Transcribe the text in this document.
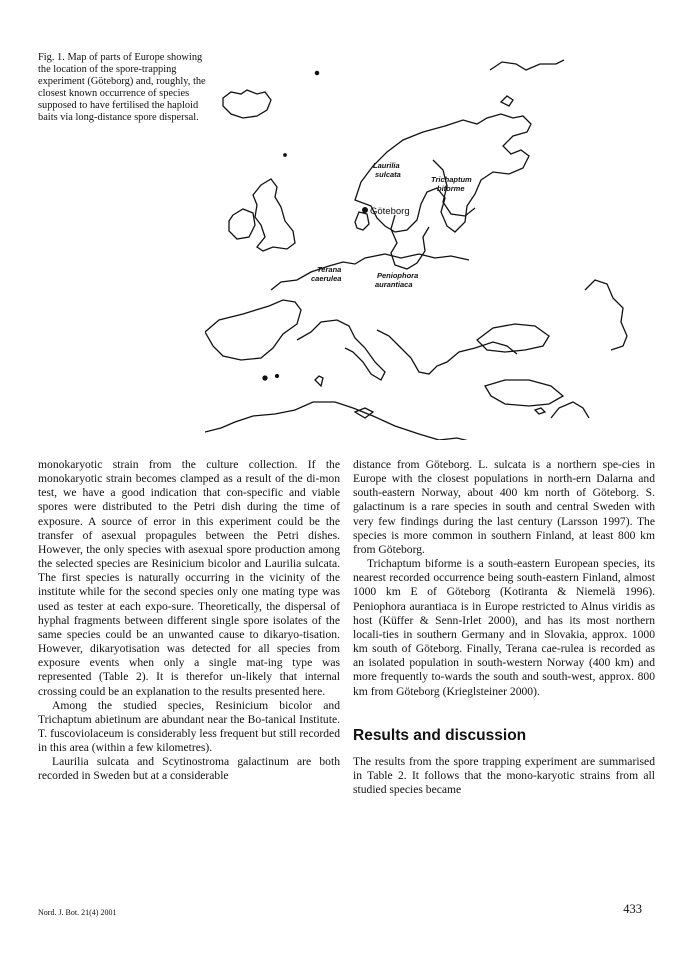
Fig. 1. Map of parts of Europe showing the location of the spore-trapping experiment (Göteborg) and, roughly, the closest known occurrence of species supposed to have fertilised the haploid baits via long-distance spore dispersal.

Laurilia
sulcata
Trichaptum
biforme
Göteborg
Terana
caerulea	Peniophora
aurantiaca

monokaryotic strain from the culture collection. If the monokaryotic strain becomes clamped as a result of the di-mon test, we have a good indication that con-specific and viable spores were distributed to the Petri dish during the time of exposure. A source of error in this experiment could be the transfer of asexual propagules between the Petri dishes. However, the only species with asexual spore production among the selected species are Resinicium bicolor and Laurilia sulcata. The first species is naturally occurring in the vicinity of the institute while for the second species only one mating type was used as tester at each expo-sure. Theoretically, the dispersal of hyphal fragments between different single spore isolates of the same species could be an unwanted cause to dikaryo-tisation. However, dikaryotisation was detected for all species from exposure events when only a single mat-ing type was represented (Table 2). It is therefor un-likely that internal crossing could be an explanation to the results presented here.

Among the studied species, Resinicium bicolor and Trichaptum abietinum are abundant near the Bo-tanical Institute. T. fuscoviolaceum is considerably less frequent but still recorded in this area (within a few kilometres).

Laurilia sulcata and Scytinostroma galactinum are both recorded in Sweden but at a considerable

distance from Göteborg. L. sulcata is a northern spe-cies in Europe with the closest populations in north-ern Dalarna and south-eastern Norway, about 400 km north of Göteborg. S. galactinum is a rare species in south and central Sweden with very few findings during the last century (Larsson 1997). The species is more common in southern Finland, at least 800 km from Göteborg.

Trichaptum biforme is a south-eastern European species, its nearest recorded occurrence being south-eastern Finland, almost 1000 km E of Göteborg (Kotiranta & Niemelä 1996). Peniophora aurantiaca is in Europe restricted to Alnus viridis as host (Küffer & Senn-Irlet 2000), and has its most northern locali-ties in southern Germany and in Slovakia, approx. 1000 km south of Göteborg. Finally, Terana cae-rulea is recorded as an isolated population in south-western Norway (400 km) and more frequently to-wards the south and south-west, approx. 800 km from Göteborg (Krieglsteiner 2000).

Results and discussion

The results from the spore trapping experiment are summarised in Table 2. It follows that the mono-karyotic strains from all studied species became

Nord. J. Bot. 21(4) 2001	433
